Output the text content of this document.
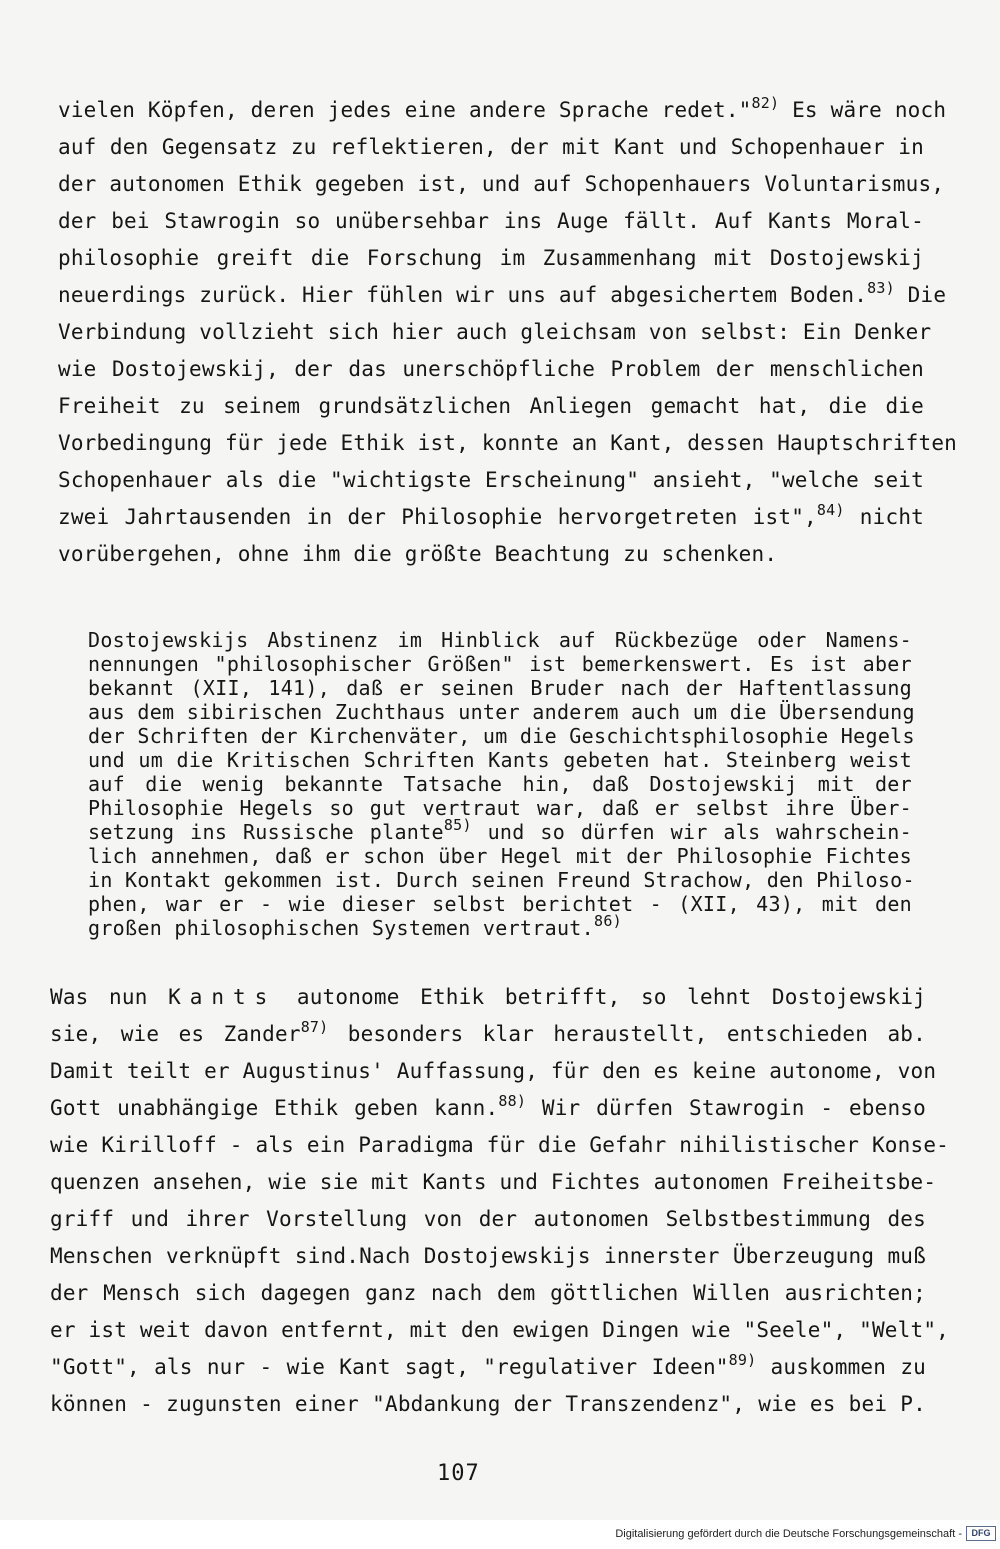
vielen Köpfen, deren jedes eine andere Sprache redet."$^{82)}$ Es wäre noch
auf den Gegensatz zu reflektieren, der mit Kant und Schopenhauer in
der autonomen Ethik gegeben ist, und auf Schopenhauers Voluntarismus,
der bei Stawrogin so unübersehbar ins Auge fällt. Auf Kants Moral-
philosophie greift die Forschung im Zusammenhang mit Dostojewskij
neuerdings zurück. Hier fühlen wir uns auf abgesichertem Boden.$^{83)}$ Die
Verbindung vollzieht sich hier auch gleichsam von selbst: Ein Denker
wie Dostojewskij, der das unerschöpfliche Problem der menschlichen
Freiheit zu seinem grundsätzlichen Anliegen gemacht hat, die die
Vorbedingung für jede Ethik ist, konnte an Kant, dessen Hauptschriften
Schopenhauer als die "wichtigste Erscheinung" ansieht, "welche seit
zwei Jahrtausenden in der Philosophie hervorgetreten ist",$^{84)}$ nicht
vorübergehen, ohne ihm die größte Beachtung zu schenken.
Dostojewskijs Abstinenz im Hinblick auf Rückbezüge oder Namens-
nennungen "philosophischer Größen" ist bemerkenswert. Es ist aber
bekannt (XII, 141), daß er seinen Bruder nach der Haftentlassung
aus dem sibirischen Zuchthaus unter anderem auch um die Übersendung
der Schriften der Kirchenväter, um die Geschichtsphilosophie Hegels
und um die Kritischen Schriften Kants gebeten hat. Steinberg weist
auf die wenig bekannte Tatsache hin, daß Dostojewskij mit der
Philosophie Hegels so gut vertraut war, daß er selbst ihre Über-
setzung ins Russische plante$^{85)}$ und so dürfen wir als wahrschein-
lich annehmen, daß er schon über Hegel mit der Philosophie Fichtes
in Kontakt gekommen ist. Durch seinen Freund Strachow, den Philoso-
phen, war er - wie dieser selbst berichtet - (XII, 43), mit den
großen philosophischen Systemen vertraut.$^{86)}$
Was nun Kants autonome Ethik betrifft, so lehnt Dostojewskij
sie, wie es Zander$^{87)}$ besonders klar heraustellt, entschieden ab.
Damit teilt er Augustinus' Auffassung, für den es keine autonome, von
Gott unabhängige Ethik geben kann.$^{88)}$ Wir dürfen Stawrogin - ebenso
wie Kirilloff - als ein Paradigma für die Gefahr nihilistischer Konse-
quenzen ansehen, wie sie mit Kants und Fichtes autonomen Freiheitsbe-
griff und ihrer Vorstellung von der autonomen Selbstbestimmung des
Menschen verknüpft sind.Nach Dostojewskijs innerster Überzeugung muß
der Mensch sich dagegen ganz nach dem göttlichen Willen ausrichten;
er ist weit davon entfernt, mit den ewigen Dingen wie "Seele", "Welt",
"Gott", als nur - wie Kant sagt, "regulativer Ideen"$^{89)}$ auskommen zu
können - zugunsten einer "Abdankung der Transzendenz", wie es bei P.
107
Digitalisierung gefördert durch die Deutsche Forschungsgemeinschaft -	DFG
